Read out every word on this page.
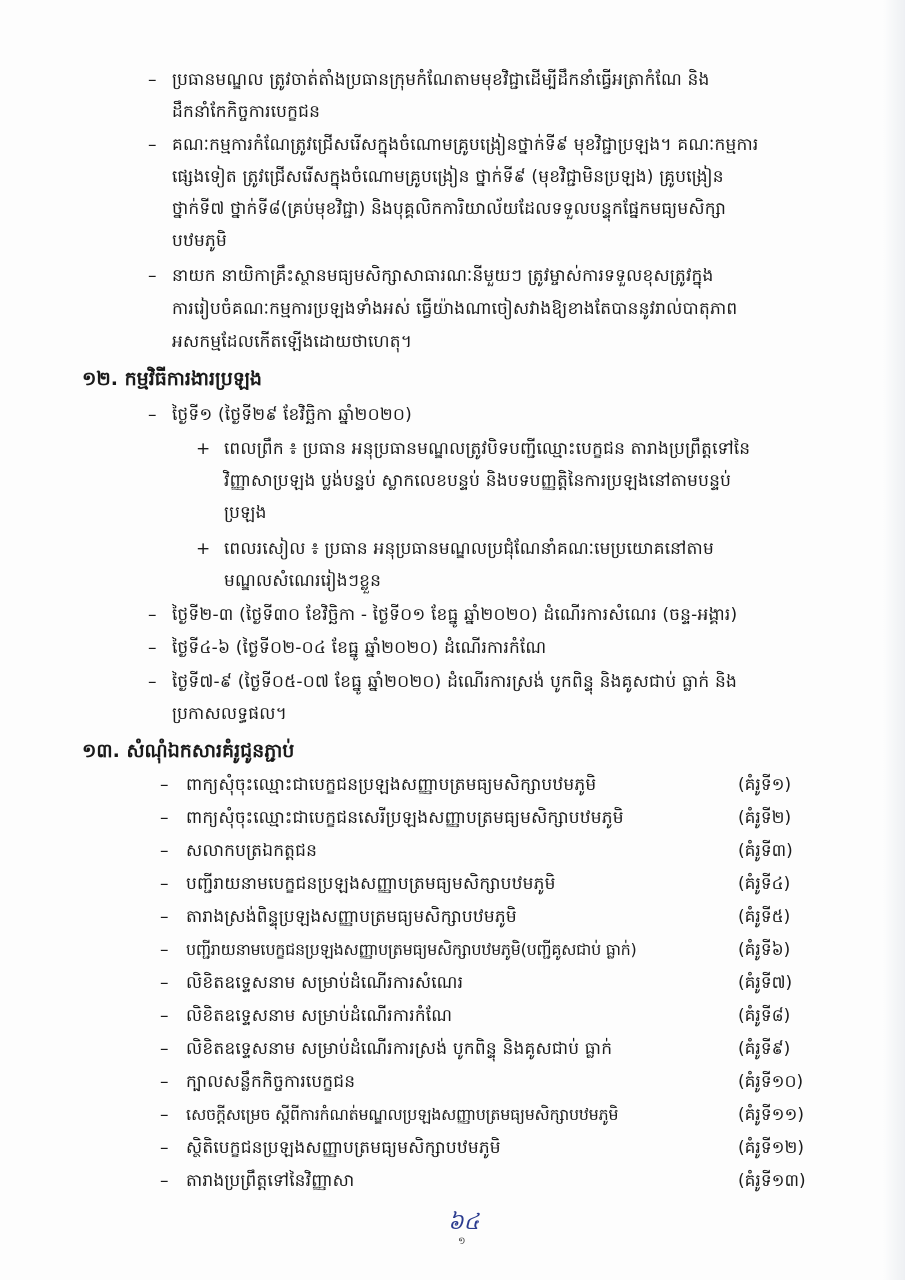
– ប្រធានមណ្ឌល ត្រូវចាត់តាំងប្រធានក្រុមកំណែតាមមុខវិជ្ជាដើម្បីដឹកនាំធ្វើអត្រាកំណែ និង
ដឹកនាំកែកិច្ចការបេក្ខជន
– គណៈកម្មការកំណែត្រូវជ្រើសរើសក្នុងចំណោមគ្រូបង្រៀនថ្នាក់ទី៩ មុខវិជ្ជាប្រឡង។ គណៈកម្មការ
ផ្សេងទៀត ត្រូវជ្រើសរើសក្នុងចំណោមគ្រូបង្រៀន ថ្នាក់ទី៩ (មុខវិជ្ជាមិនប្រឡង) គ្រូបង្រៀន
ថ្នាក់ទី៧ ថ្នាក់ទី៨(គ្រប់មុខវិជ្ជា) និងបុគ្គលិកការិយាល័យដែលទទួលបន្ទុកផ្នែកមធ្យមសិក្សា
បឋមភូមិ
– នាយក នាយិកាគ្រឹះស្ថានមធ្យមសិក្សាសាធារណៈនីមួយៗ ត្រូវម្ចាស់ការទទួលខុសត្រូវក្នុង
ការរៀបចំគណៈកម្មការប្រឡងទាំងអស់ ធ្វើយ៉ាងណាចៀសវាងឱ្យខាងតែបាននូវរាល់បាតុភាព
អសកម្មដែលកើតឡើងដោយថាហេតុ។
១២. កម្មវិធីការងារប្រឡង
– ថ្ងៃទី១ (ថ្ងៃទី២៩ ខែវិច្ឆិកា ឆ្នាំ២០២០)
+ ពេលព្រឹក ៖ ប្រធាន អនុប្រធានមណ្ឌលត្រូវបិទបញ្ជីឈ្មោះបេក្ខជន តារាងប្រព្រឹត្តទៅនៃ
វិញ្ញាសាប្រឡង ប្លង់បន្ទប់ ស្លាកលេខបន្ទប់ និងបទបញ្ញត្តិនៃការប្រឡងនៅតាមបន្ទប់
ប្រឡង
+ ពេលរសៀល ៖ ប្រធាន អនុប្រធានមណ្ឌលប្រជុំណែនាំគណៈមេប្រយោគនៅតាម
មណ្ឌលសំណេររៀងៗខ្លួន
– ថ្ងៃទី២-៣ (ថ្ងៃទី៣០ ខែវិច្ឆិកា - ថ្ងៃទី០១ ខែធ្នូ ឆ្នាំ២០២០) ដំណើរការសំណេរ (ចន្ទ-អង្គារ)
– ថ្ងៃទី៤-៦ (ថ្ងៃទី០២-០៤ ខែធ្នូ ឆ្នាំ២០២០) ដំណើរការកំណែ
– ថ្ងៃទី៧-៩ (ថ្ងៃទី០៥-០៧ ខែធ្នូ ឆ្នាំ២០២០) ដំណើរការស្រង់ បូកពិន្ទុ និងគូសជាប់ ធ្លាក់ និង
ប្រកាសលទ្ធផល។
១៣. សំណុំឯកសារគំរូជូនភ្ជាប់
– ពាក្យសុំចុះឈ្មោះជាបេក្ខជនប្រឡងសញ្ញាបត្រមធ្យមសិក្សាបឋមភូមិ	(គំរូទី១)
– ពាក្យសុំចុះឈ្មោះជាបេក្ខជនសេរីប្រឡងសញ្ញាបត្រមធ្យមសិក្សាបឋមភូមិ	(គំរូទី២)
– សលាកបត្រឯកត្តជន	(គំរូទី៣)
– បញ្ជីរាយនាមបេក្ខជនប្រឡងសញ្ញាបត្រមធ្យមសិក្សាបឋមភូមិ	(គំរូទី៤)
– តារាងស្រង់ពិន្ទុប្រឡងសញ្ញាបត្រមធ្យមសិក្សាបឋមភូមិ	(គំរូទី៥)
– បញ្ជីរាយនាមបេក្ខជនប្រឡងសញ្ញាបត្រមធ្យមសិក្សាបឋមភូមិ(បញ្ជីគូសជាប់ ធ្លាក់)	(គំរូទី៦)
– លិខិតឧទ្ទេសនាម សម្រាប់ដំណើរការសំណេរ	(គំរូទី៧)
– លិខិតឧទ្ទេសនាម សម្រាប់ដំណើរការកំណែ	(គំរូទី៨)
– លិខិតឧទ្ទេសនាម សម្រាប់ដំណើរការស្រង់ បូកពិន្ទុ និងគូសជាប់ ធ្លាក់	(គំរូទី៩)
– ក្បាលសន្លឹកកិច្ចការបេក្ខជន	(គំរូទី១០)
– សេចក្តីសម្រេច ស្តីពីការកំណត់មណ្ឌលប្រឡងសញ្ញាបត្រមធ្យមសិក្សាបឋមភូមិ	(គំរូទី១១)
– ស្ថិតិបេក្ខជនប្រឡងសញ្ញាបត្រមធ្យមសិក្សាបឋមភូមិ	(គំរូទី១២)
– តារាងប្រព្រឹត្តទៅនៃវិញ្ញាសា	(គំរូទី១៣)
៦៤
១
